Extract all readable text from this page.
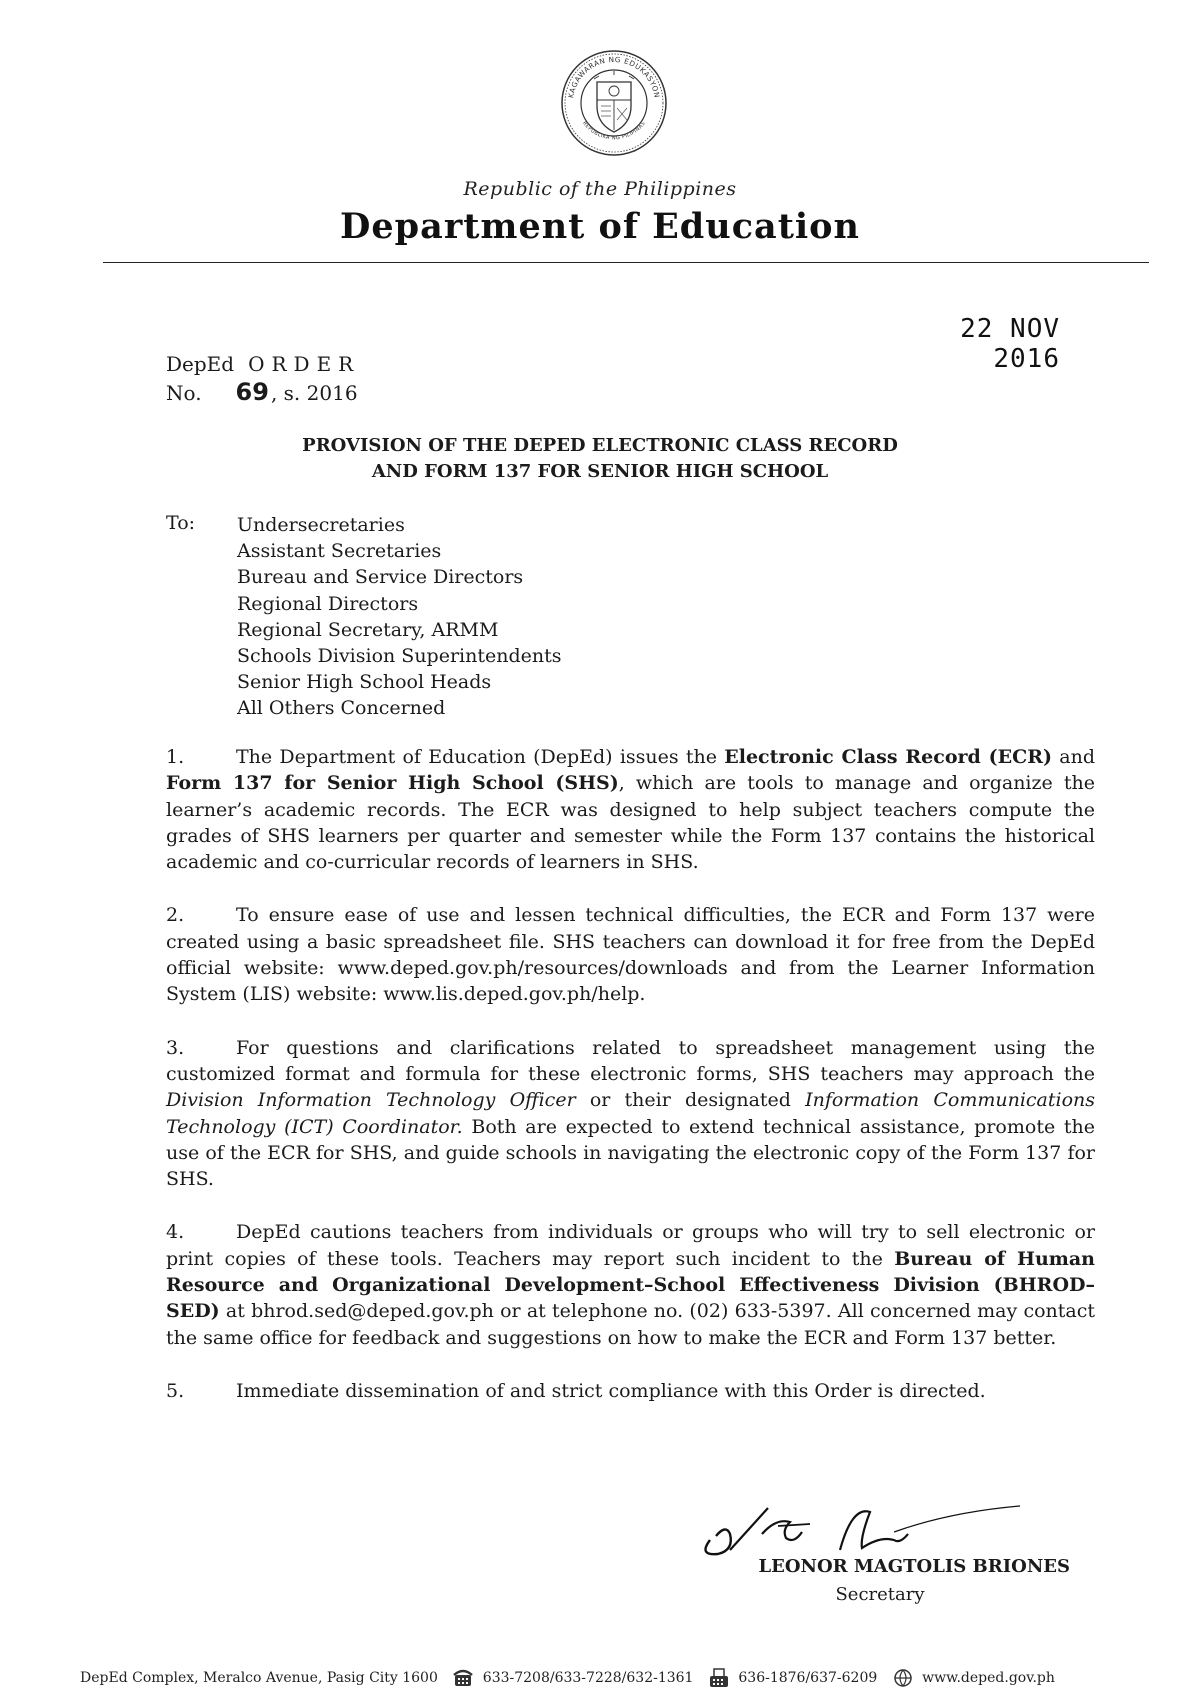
KAGAWARAN NG EDUKASYON
REPUBLIKA NG PILIPINAS
Republic of the Philippines
Department of Education
22 NOV 2016
DepEd ORDER
No. 69 , s. 2016
PROVISION OF THE DEPED ELECTRONIC CLASS RECORD
AND FORM 137 FOR SENIOR HIGH SCHOOL
To: Undersecretaries
Assistant Secretaries
Bureau and Service Directors
Regional Directors
Regional Secretary, ARMM
Schools Division Superintendents
Senior High School Heads
All Others Concerned

1.	The Department of Education (DepEd) issues the Electronic Class Record (ECR) and Form 137 for Senior High School (SHS), which are tools to manage and organize the learner’s academic records. The ECR was designed to help subject teachers compute the grades of SHS learners per quarter and semester while the Form 137 contains the historical academic and co-curricular records of learners in SHS.

2.	To ensure ease of use and lessen technical difficulties, the ECR and Form 137 were created using a basic spreadsheet file. SHS teachers can download it for free from the DepEd official website: www.deped.gov.ph/resources/downloads and from the Learner Information System (LIS) website: www.lis.deped.gov.ph/help.

3.	For questions and clarifications related to spreadsheet management using the customized format and formula for these electronic forms, SHS teachers may approach the Division Information Technology Officer or their designated Information Communications Technology (ICT) Coordinator. Both are expected to extend technical assistance, promote the use of the ECR for SHS, and guide schools in navigating the electronic copy of the Form 137 for SHS.

4.	DepEd cautions teachers from individuals or groups who will try to sell electronic or print copies of these tools. Teachers may report such incident to the Bureau of Human Resource and Organizational Development–School Effectiveness Division (BHROD–SED) at bhrod.sed@deped.gov.ph or at telephone no. (02) 633-5397. All concerned may contact the same office for feedback and suggestions on how to make the ECR and Form 137 better.

5.	Immediate dissemination of and strict compliance with this Order is directed.

LEONOR MAGTOLIS BRIONES
Secretary
DepEd Complex, Meralco Avenue, Pasig City 1600	633-7208/633-7228/632-1361	636-1876/637-6209	www.deped.gov.ph
